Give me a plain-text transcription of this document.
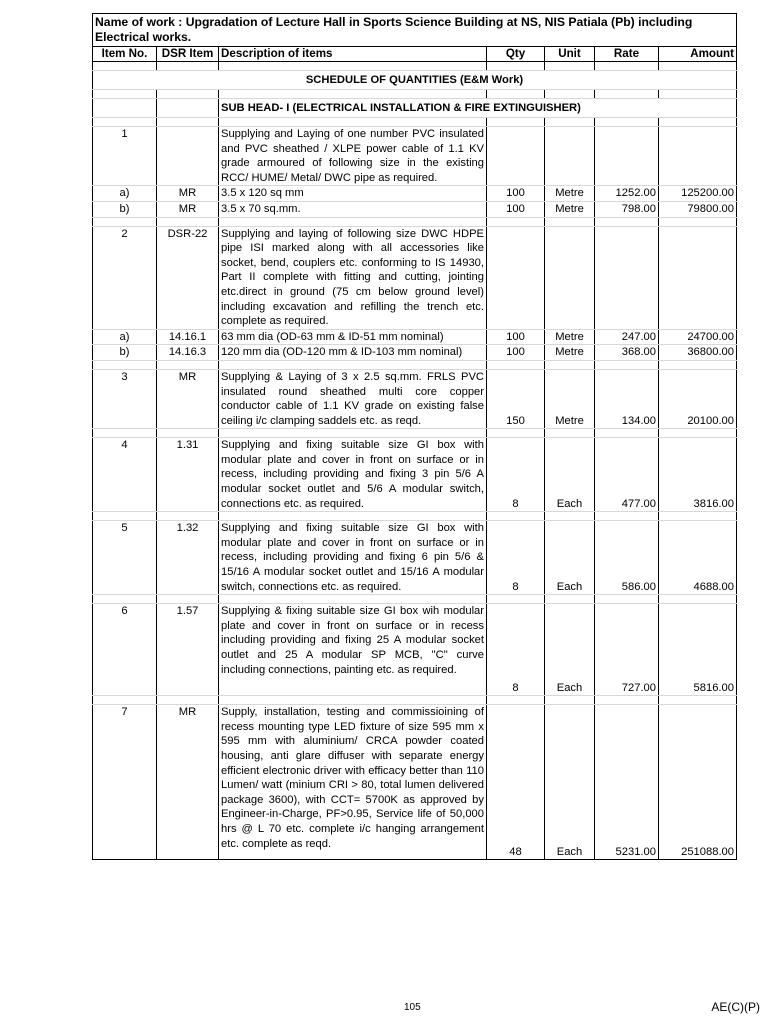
Name of work : Upgradation of Lecture Hall in Sports Science Building at NS, NIS Patiala (Pb) including Electrical works.						
Item No.	DSR Item	Description of items	Qty	Unit	Rate	Amount

SCHEDULE OF QUANTITIES (E&M Work)						

		SUB HEAD- I (ELECTRICAL INSTALLATION & FIRE EXTINGUISHER)				

1		Supplying and Laying of one number PVC insulated and PVC sheathed / XLPE power cable of 1.1 KV grade armoured of following size in the existing RCC/ HUME/ Metal/ DWC pipe as required.				
a)	MR	3.5 x 120 sq mm	100	Metre	1252.00	125200.00
b)	MR	3.5 x 70 sq.mm.	100	Metre	798.00	79800.00

2	DSR-22	Supplying and laying of following size DWC HDPE pipe ISI marked along with all accessories like socket, bend, couplers etc. conforming to IS 14930, Part II complete with fitting and cutting, jointing etc.direct in ground (75 cm below ground level) including excavation and refilling the trench etc. complete as required.				
a)	14.16.1	63 mm dia (OD-63 mm & ID-51 mm nominal)	100	Metre	247.00	24700.00
b)	14.16.3	120 mm dia (OD-120 mm & ID-103 mm nominal)	100	Metre	368.00	36800.00

3	MR	Supplying & Laying of 3 x 2.5 sq.mm. FRLS PVC insulated round sheathed multi core copper conductor cable of 1.1 KV grade on existing false ceiling i/c clamping saddels etc. as reqd.	150	Metre	134.00	20100.00

4	1.31	Supplying and fixing suitable size GI box with modular plate and cover in front on surface or in recess, including providing and fixing 3 pin 5/6 A modular socket outlet and 5/6 A modular switch, connections etc. as required.	8	Each	477.00	3816.00

5	1.32	Supplying and fixing suitable size GI box with modular plate and cover in front on surface or in recess, including providing and fixing 6 pin 5/6 & 15/16 A modular socket outlet and 15/16 A modular switch, connections etc. as required.	8	Each	586.00	4688.00

6	1.57	Supplying & fixing suitable size GI box wih modular plate and cover in front on surface or in recess including providing and fixing 25 A modular socket outlet and 25 A modular SP MCB, "C" curve including connections, painting etc. as required.	8	Each	727.00	5816.00

7	MR	Supply, installation, testing and commissioining of recess mounting type LED fixture of size 595 mm x 595 mm with aluminium/ CRCA powder coated housing, anti glare diffuser with separate energy efficient electronic driver with efficacy better than 110 Lumen/ watt (minium CRI > 80, total lumen delivered package 3600), with CCT= 5700K as approved by Engineer-in-Charge, PF>0.95, Service life of 50,000 hrs @ L 70 etc. complete i/c hanging arrangement etc. complete as reqd.	48	Each	5231.00	251088.00
105	AE(C)(P)
